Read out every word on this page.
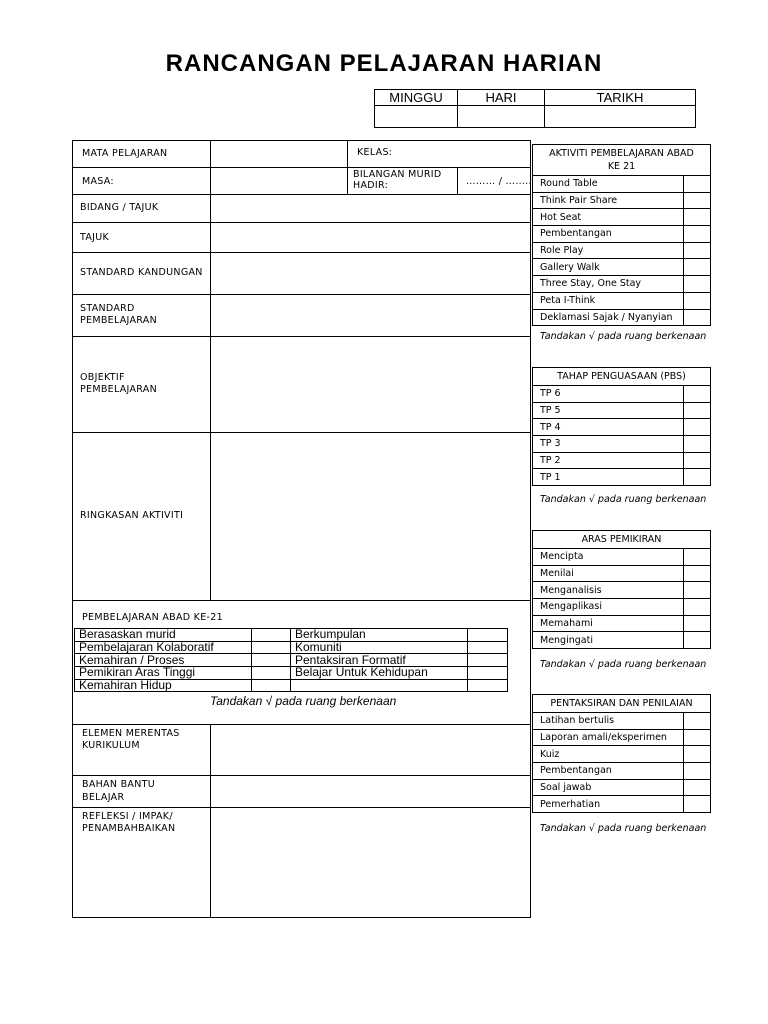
RANCANGAN PELAJARAN HARIAN
MINGGU	HARI	TARIKH

MATA PELAJARAN	KELAS:
MASA:
BILANGAN MURID HADIR:	……… / ……..
BIDANG / TAJUK
TAJUK
STANDARD KANDUNGAN
STANDARD PEMBELAJARAN
OBJEKTIF PEMBELAJARAN
RINGKASAN AKTIVITI
PEMBELAJARAN ABAD KE-21
Berasaskan murid		Berkumpulan	
Pembelajaran Kolaboratif		Komuniti	
Kemahiran / Proses		Pentaksiran Formatif	
Pemikiran Aras Tinggi		Belajar Untuk Kehidupan	
Kemahiran Hidup			
Tandakan √ pada ruang berkenaan
ELEMEN MERENTAS KURIKULUM
BAHAN BANTU BELAJAR
REFLEKSI / IMPAK/ PENAMBAHBAIKAN
AKTIVITI PEMBELAJARAN ABAD KE 21	
Round Table	
Think Pair Share	
Hot Seat	
Pembentangan	
Role Play	
Gallery Walk	
Three Stay, One Stay	
Peta I-Think	
Deklamasi Sajak / Nyanyian	
Tandakan √ pada ruang berkenaan
TAHAP PENGUASAAN (PBS)	
TP 6	
TP 5	
TP 4	
TP 3	
TP 2	
TP 1	
Tandakan √ pada ruang berkenaan
ARAS PEMIKIRAN	
Mencipta	
Menilai	
Menganalisis	
Mengaplikasi	
Memahami	
Mengingati	
Tandakan √ pada ruang berkenaan
PENTAKSIRAN DAN PENILAIAN	
Latihan bertulis	
Laporan amali/eksperimen	
Kuiz	
Pembentangan	
Soal jawab	
Pemerhatian	
Tandakan √ pada ruang berkenaan
